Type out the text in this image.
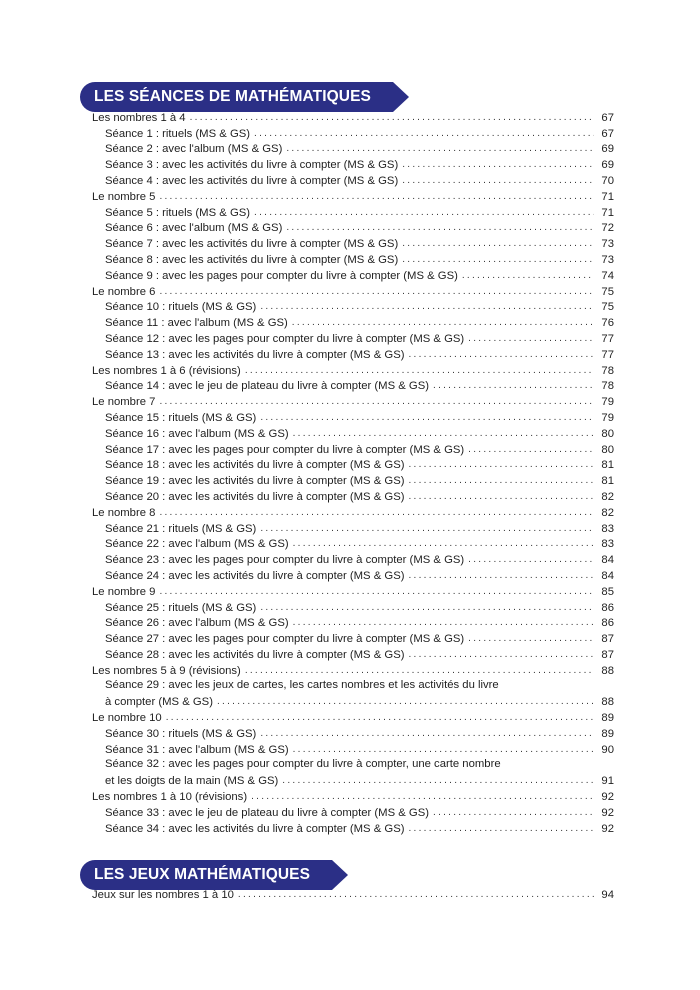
LES SÉANCES DE MATHÉMATIQUES
Les nombres 1 à 4 . . .	67
Séance 1 : rituels (MS & GS) . . .	67
Séance 2 : avec l'album (MS & GS) . . .	69
Séance 3 : avec les activités du livre à compter (MS & GS) . . .	69
Séance 4 : avec les activités du livre à compter (MS & GS) . . .	70
Le nombre 5 . . .	71
Séance 5 : rituels (MS & GS) . . .	71
Séance 6 : avec l'album (MS & GS) . . .	72
Séance 7 : avec les activités du livre à compter (MS & GS) . . .	73
Séance 8 : avec les activités du livre à compter (MS & GS) . . .	73
Séance 9 : avec les pages pour compter du livre à compter (MS & GS) . . .	74
Le nombre 6 . . .	75
Séance 10 : rituels (MS & GS) . . .	75
Séance 11 : avec l'album (MS & GS) . . .	76
Séance 12 : avec les pages pour compter du livre à compter (MS & GS) . . .	77
Séance 13 : avec les activités du livre à compter (MS & GS) . . .	77
Les nombres 1 à 6 (révisions) . . .	78
Séance 14 : avec le jeu de plateau du livre à compter (MS & GS) . . .	78
Le nombre 7 . . .	79
Séance 15 : rituels (MS & GS) . . .	79
Séance 16 : avec l'album (MS & GS) . . .	80
Séance 17 : avec les pages pour compter du livre à compter (MS & GS) . . .	80
Séance 18 : avec les activités du livre à compter (MS & GS) . . .	81
Séance 19 : avec les activités du livre à compter (MS & GS) . . .	81
Séance 20 : avec les activités du livre à compter (MS & GS) . . .	82
Le nombre 8 . . .	82
Séance 21 : rituels (MS & GS) . . .	83
Séance 22 : avec l'album (MS & GS) . . .	83
Séance 23 : avec les pages pour compter du livre à compter (MS & GS) . . .	84
Séance 24 : avec les activités du livre à compter (MS & GS) . . .	84
Le nombre 9 . . .	85
Séance 25 : rituels (MS & GS) . . .	86
Séance 26 : avec l'album (MS & GS) . . .	86
Séance 27 : avec les pages pour compter du livre à compter (MS & GS) . . .	87
Séance 28 : avec les activités du livre à compter (MS & GS) . . .	87
Les nombres 5 à 9 (révisions) . . .	88
Séance 29 : avec les jeux de cartes, les cartes nombres et les activités du livre
à compter (MS & GS) . . .	88
Le nombre 10 . . .	89
Séance 30 : rituels (MS & GS) . . .	89
Séance 31 : avec l'album (MS & GS) . . .	90
Séance 32 : avec les pages pour compter du livre à compter, une carte nombre
et les doigts de la main (MS & GS) . . .	91
Les nombres 1 à 10 (révisions) . . .	92
Séance 33 : avec le jeu de plateau du livre à compter (MS & GS) . . .	92
Séance 34 : avec les activités du livre à compter (MS & GS) . . .	92
LES JEUX MATHÉMATIQUES
Jeux sur les nombres 1 à 10 . . .	94
